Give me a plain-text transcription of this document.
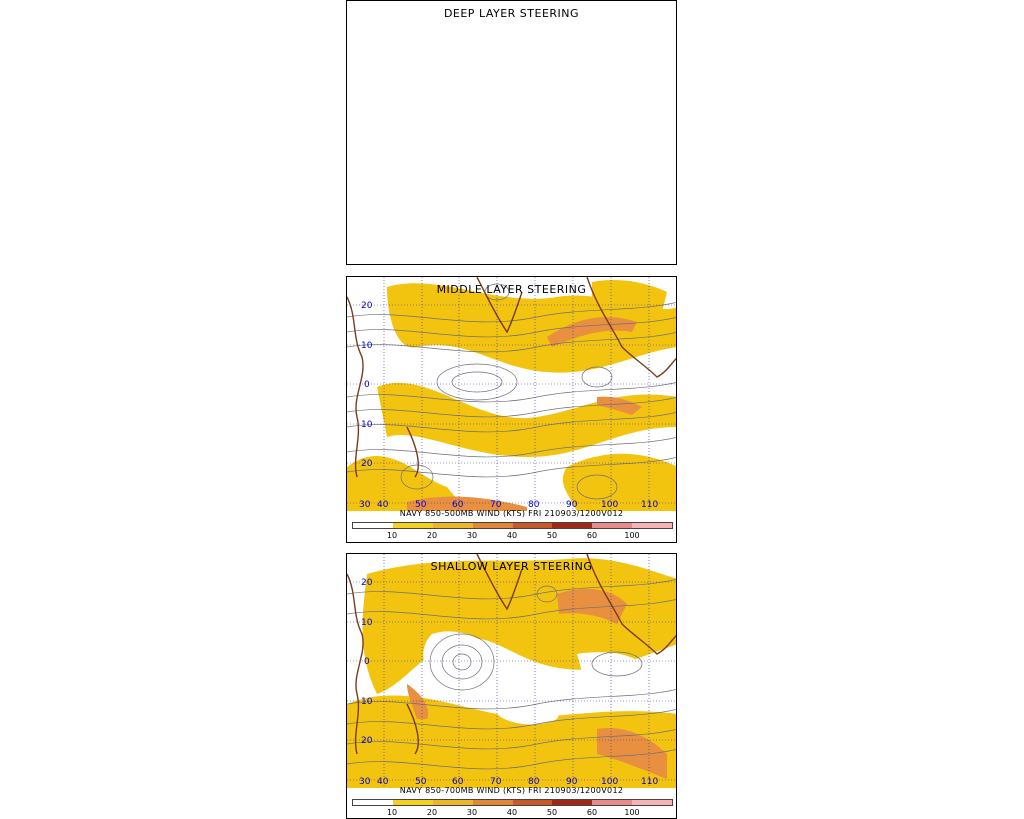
DEEP LAYER STEERING
20
10
0
10
20
30 40	50	60	70	80	90	100	110
MIDDLE LAYER STEERING
NAVY 850-500MB WIND (KTS) FRI 210903/1200V012
10	20	30	40	50	60	100
20
10
0
10
20
30 40	50	60	70	80	90	100	110
SHALLOW LAYER STEERING
NAVY 850-700MB WIND (KTS) FRI 210903/1200V012
10	20	30	40	50	60	100
